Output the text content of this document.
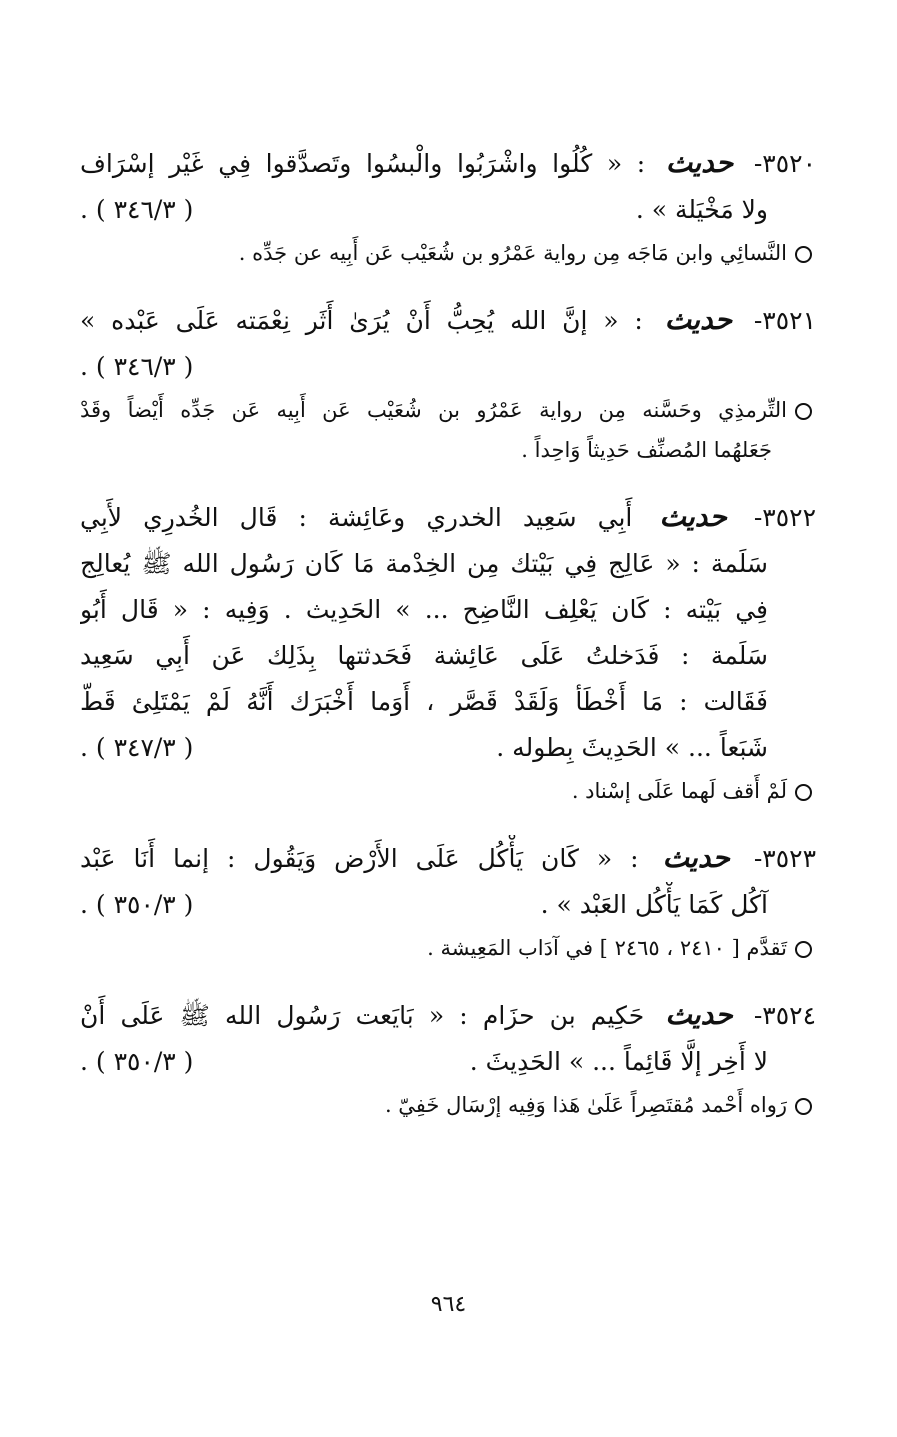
٣٥٢٠- حديث : « كُلُوا واشْرَبُوا والْبسُوا وتَصدَّقوا فِي غَيْر إسْرَاف
ولا مَخْيَلة » .
( ٣٤٦/٣ ) .
النَّسائِي وابن مَاجَه مِن رواية عَمْرُو بن شُعَيْب عَن أَبِيه عن جَدِّه .
٣٥٢١- حديث : « إنَّ الله يُحِبُّ أَنْ يُرَىٰ أَثَر نِعْمَته عَلَى عَبْده »
( ٣٤٦/٣ ) .
التِّرمذِي وحَسَّنه مِن رواية عَمْرُو بن شُعَيْب عَن أَبِيه عَن جَدِّه أَيْضاً وقَدْ
جَعَلهُما المُصنِّف حَدِيثاً وَاحِداً .
٣٥٢٢- حديث أَبِي سَعِيد الخدري وعَائِشة : قَال الخُدرِي لأَبِي
سَلَمة : « عَالِج فِي بَيْتك مِن الخِدْمة مَا كَان رَسُول الله ﷺ يُعالِج
فِي بَيْته : كَان يَعْلِف النَّاضِح ... » الحَدِيث . وَفِيه : « قَال أَبُو
سَلَمة : فَدَخلتُ عَلَى عَائِشة فَحَدثتها بِذَلِك عَن أَبِي سَعِيد
فَقَالت : مَا أَخْطَأ وَلَقَدْ قَصَّر ، أَوَما أَخْبَرَك أَنَّهُ لَمْ يَمْتَلِئ قَطّ
شَبَعاً ... » الحَدِيثَ بِطوله .
( ٣٤٧/٣ ) .
لَمْ أَقف لَهما عَلَى إسْناد .
٣٥٢٣- حديث : « كَان يَأْكُل عَلَى الأَرْض وَيَقُول : إنما أَنَا عَبْد
آكُل كَمَا يَأْكُل العَبْد » .
( ٣٥٠/٣ ) .
تَقدَّم [ ٢٤١٠ ، ٢٤٦٥ ] في آدَاب المَعِيشة .
٣٥٢٤- حديث حَكِيم بن حزَام : « بَايَعت رَسُول الله ﷺ عَلَى أَنْ
لا أَخِر إلَّا قَائِماً ... » الحَدِيثَ .
( ٣٥٠/٣ ) .
رَواه أَحْمد مُقتَصِراً عَلَىٰ هَذا وَفِيه إرْسَال خَفِيّ .
٩٦٤
